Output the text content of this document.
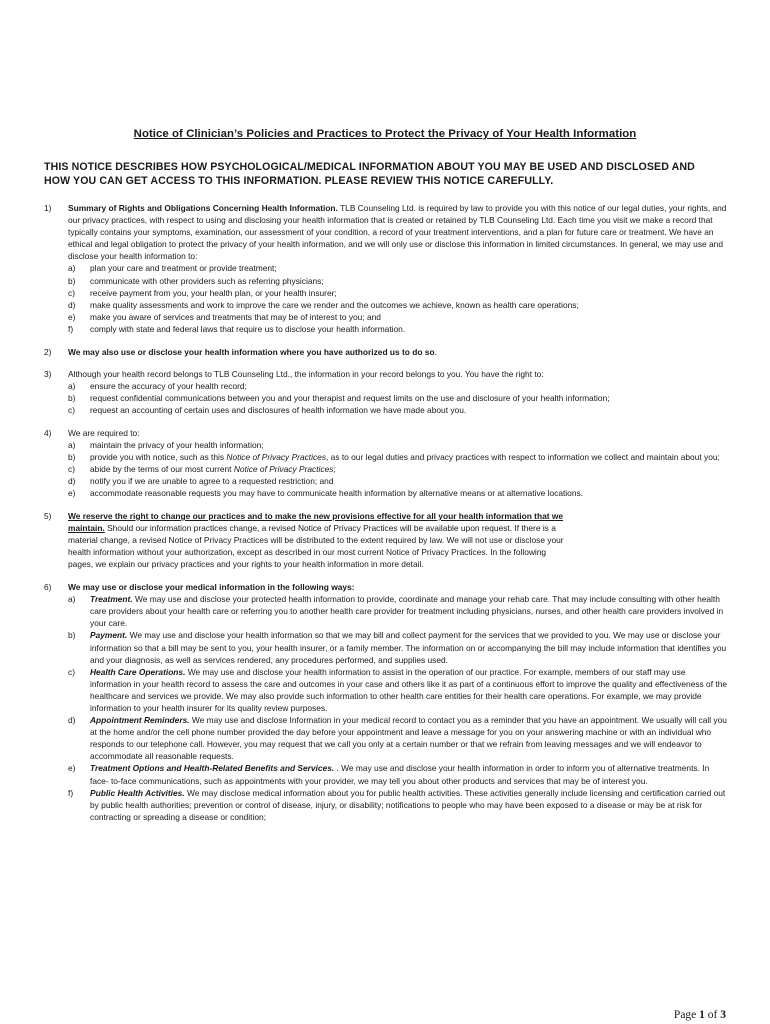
Notice of Clinician’s Policies and Practices to Protect the Privacy of Your Health Information
THIS NOTICE DESCRIBES HOW PSYCHOLOGICAL/MEDICAL INFORMATION ABOUT YOU MAY BE USED AND DISCLOSED AND HOW YOU CAN GET ACCESS TO THIS INFORMATION. PLEASE REVIEW THIS NOTICE CAREFULLY.
1) Summary of Rights and Obligations Concerning Health Information. TLB Counseling Ltd. is required by law to provide you with this notice of our legal duties, your rights, and our privacy practices, with respect to using and disclosing your health information that is created or retained by TLB Counseling Ltd. Each time you visit we make a record that typically contains your symptoms, examination, our assessment of your condition, a record of your treatment interventions, and a plan for future care or treatment. We have an ethical and legal obligation to protect the privacy of your health information, and we will only use or disclose this information in limited circumstances. In general, we may use and disclose your health information to:
a) plan your care and treatment or provide treatment;
b) communicate with other providers such as referring physicians;
c) receive payment from you, your health plan, or your health insurer;
d) make quality assessments and work to improve the care we render and the outcomes we achieve, known as health care operations;
e) make you aware of services and treatments that may be of interest to you; and
f) comply with state and federal laws that require us to disclose your health information.
2) We may also use or disclose your health information where you have authorized us to do so.
3) Although your health record belongs to TLB Counseling Ltd., the information in your record belongs to you. You have the right to:
a) ensure the accuracy of your health record;
b) request confidential communications between you and your therapist and request limits on the use and disclosure of your health information;
c) request an accounting of certain uses and disclosures of health information we have made about you.
4) We are required to:
a) maintain the privacy of your health information;
b) provide you with notice, such as this Notice of Privacy Practices, as to our legal duties and privacy practices with respect to information we collect and maintain about you;
c) abide by the terms of our most current Notice of Privacy Practices;
d) notify you if we are unable to agree to a requested restriction; and
e) accommodate reasonable requests you may have to communicate health information by alternative means or at alternative locations.
5) We reserve the right to change our practices and to make the new provisions effective for all your health information that we maintain. Should our information practices change, a revised Notice of Privacy Practices will be available upon request. If there is a material change, a revised Notice of Privacy Practices will be distributed to the extent required by law. We will not use or disclose your health information without your authorization, except as described in our most current Notice of Privacy Practices. In the following pages, we explain our privacy practices and your rights to your health information in more detail.
6) We may use or disclose your medical information in the following ways:
a) Treatment. We may use and disclose your protected health information to provide, coordinate and manage your rehab care. That may include consulting with other health care providers about your health care or referring you to another health care provider for treatment including physicians, nurses, and other health care providers involved in your care.
b) Payment. We may use and disclose your health information so that we may bill and collect payment for the services that we provided to you. We may use or disclose your information so that a bill may be sent to you, your health insurer, or a family member. The information on or accompanying the bill may include information that identifies you and your diagnosis, as well as services rendered, any procedures performed, and supplies used.
c) Health Care Operations. We may use and disclose your health information to assist in the operation of our practice. For example, members of our staff may use information in your health record to assess the care and outcomes in your case and others like it as part of a continuous effort to improve the quality and effectiveness of the healthcare and services we provide. We may also provide such information to other health care entities for their health care operations. For example, we may provide information to your health insurer for its quality review purposes.
d) Appointment Reminders. We may use and disclose Information in your medical record to contact you as a reminder that you have an appointment. We usually will call you at the home and/or the cell phone number provided the day before your appointment and leave a message for you on your answering machine or with an individual who responds to our telephone call. However, you may request that we call you only at a certain number or that we refrain from leaving messages and we will endeavor to accommodate all reasonable requests.
e) Treatment Options and Health-Related Benefits and Services. . We may use and disclose your health information in order to inform you of alternative treatments. In face- to-face communications, such as appointments with your provider, we may tell you about other products and services that may be of interest you.
f) Public Health Activities. We may disclose medical information about you for public health activities. These activities generally include licensing and certification carried out by public health authorities; prevention or control of disease, injury, or disability; notifications to people who may have been exposed to a disease or may be at risk for contracting or spreading a disease or condition;
Page 1 of 3
